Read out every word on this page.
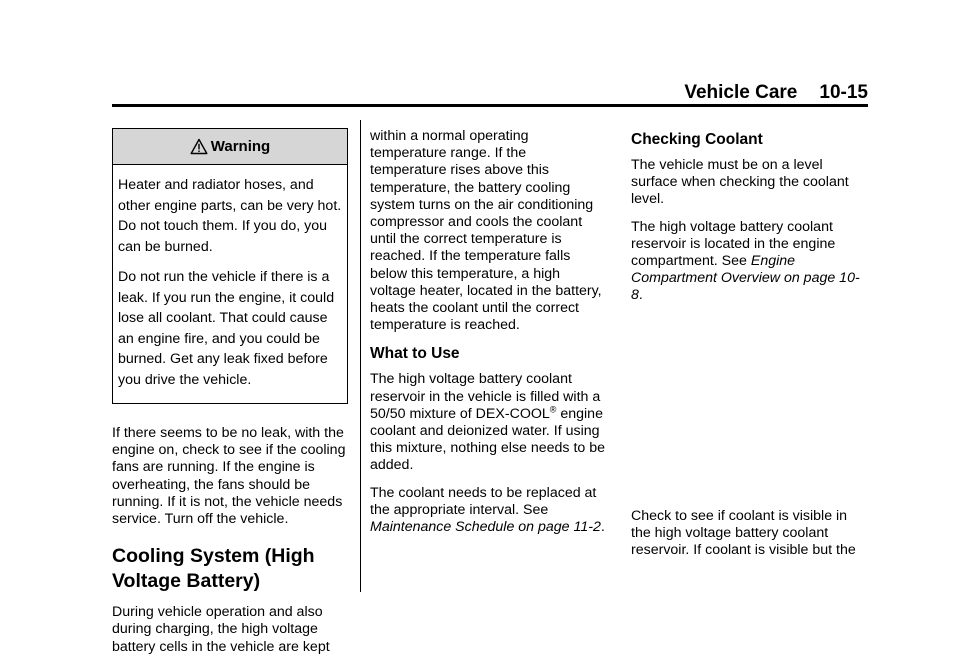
Vehicle Care 10-15
Warning

Heater and radiator hoses, and other engine parts, can be very hot. Do not touch them. If you do, you can be burned.

Do not run the vehicle if there is a leak. If you run the engine, it could lose all coolant. That could cause an engine fire, and you could be burned. Get any leak fixed before you drive the vehicle.

If there seems to be no leak, with the engine on, check to see if the cooling fans are running. If the engine is overheating, the fans should be running. If it is not, the vehicle needs service. Turn off the vehicle.

Cooling System (High Voltage Battery)

During vehicle operation and also during charging, the high voltage battery cells in the vehicle are kept

within a normal operating temperature range. If the temperature rises above this temperature, the battery cooling system turns on the air conditioning compressor and cools the coolant until the correct temperature is reached. If the temperature falls below this temperature, a high voltage heater, located in the battery, heats the coolant until the correct temperature is reached.

What to Use

The high voltage battery coolant reservoir in the vehicle is filled with a 50/50 mixture of DEX-COOL® engine coolant and deionized water. If using this mixture, nothing else needs to be added.

The coolant needs to be replaced at the appropriate interval. See Maintenance Schedule on page 11-2.

Checking Coolant

The vehicle must be on a level surface when checking the coolant level.

The high voltage battery coolant reservoir is located in the engine compartment. See Engine Compartment Overview on page 10-8.

Check to see if coolant is visible in the high voltage battery coolant reservoir. If coolant is visible but the
